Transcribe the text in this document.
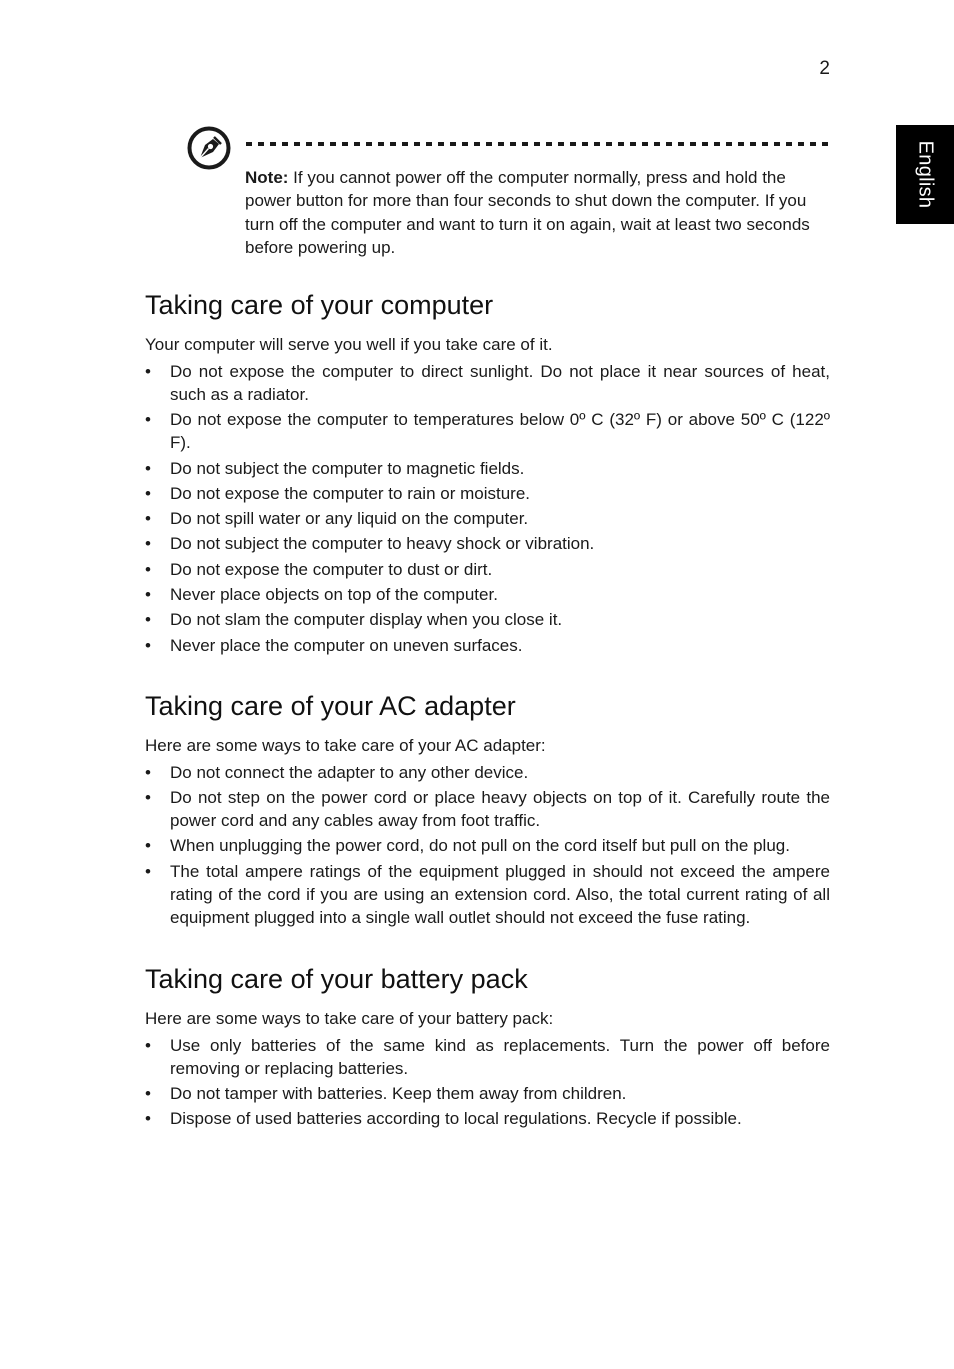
2
English
Note: If you cannot power off the computer normally, press and hold the power button for more than four seconds to shut down the computer. If you turn off the computer and want to turn it on again, wait at least two seconds before powering up.
Taking care of your computer

Your computer will serve you well if you take care of it.

• Do not expose the computer to direct sunlight. Do not place it near sources of heat, such as a radiator.
• Do not expose the computer to temperatures below 0º C (32º F) or above 50º C (122º F).
• Do not subject the computer to magnetic fields.
• Do not expose the computer to rain or moisture.
• Do not spill water or any liquid on the computer.
• Do not subject the computer to heavy shock or vibration.
• Do not expose the computer to dust or dirt.
• Never place objects on top of the computer.
• Do not slam the computer display when you close it.
• Never place the computer on uneven surfaces.
Taking care of your AC adapter

Here are some ways to take care of your AC adapter:

• Do not connect the adapter to any other device.
• Do not step on the power cord or place heavy objects on top of it. Carefully route the power cord and any cables away from foot traffic.
• When unplugging the power cord, do not pull on the cord itself but pull on the plug.
• The total ampere ratings of the equipment plugged in should not exceed the ampere rating of the cord if you are using an extension cord. Also, the total current rating of all equipment plugged into a single wall outlet should not exceed the fuse rating.
Taking care of your battery pack

Here are some ways to take care of your battery pack:

• Use only batteries of the same kind as replacements. Turn the power off before removing or replacing batteries.
• Do not tamper with batteries. Keep them away from children.
• Dispose of used batteries according to local regulations. Recycle if possible.
